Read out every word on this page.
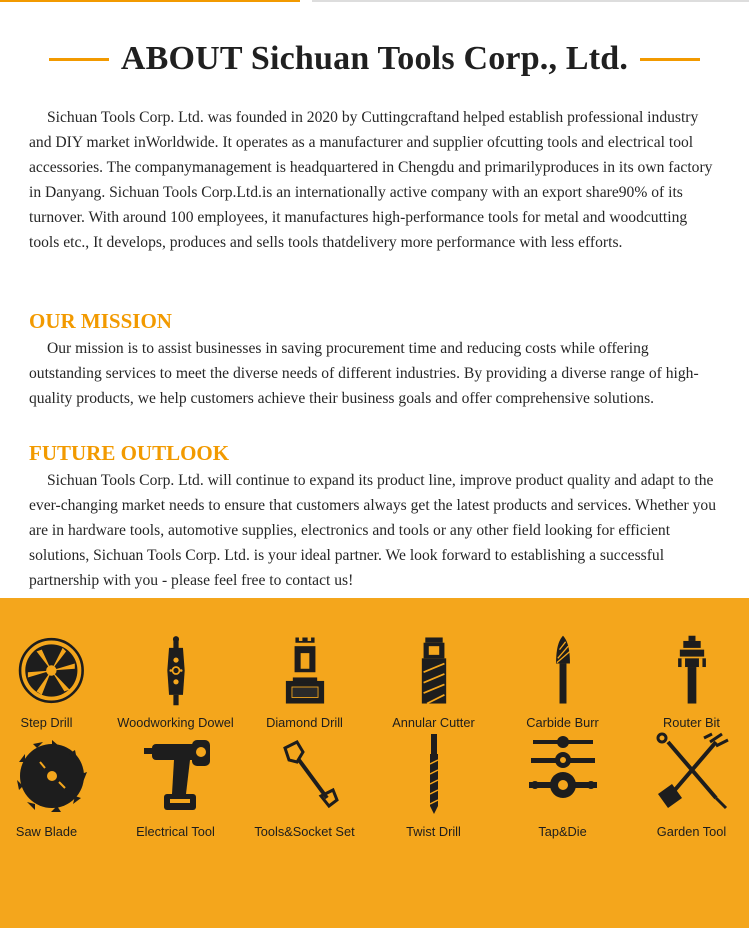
ABOUT Sichuan Tools Corp., Ltd.

Sichuan Tools Corp. Ltd. was founded in 2020 by Cuttingcraftand helped establish professional industry and DIY market inWorldwide. It operates as a manufacturer and supplier ofcutting tools and electrical tool accessories. The companymanagement is headquartered in Chengdu and primarilyproduces in its own factory in Danyang. Sichuan Tools Corp.Ltd.is an internationally active company with an export share90% of its turnover. With around 100 employees, it manufactures high-performance tools for metal and woodcutting tools etc., It develops, produces and sells tools thatdelivery more performance with less efforts.

OUR MISSION

Our mission is to assist businesses in saving procurement time and reducing costs while offering outstanding services to meet the diverse needs of different industries. By providing a diverse range of high-quality products, we help customers achieve their business goals and offer comprehensive solutions.

FUTURE OUTLOOK

Sichuan Tools Corp. Ltd. will continue to expand its product line, improve product quality and adapt to the ever-changing market needs to ensure that customers always get the latest products and services. Whether you are in hardware tools, automotive supplies, electronics and tools or any other field looking for efficient solutions, Sichuan Tools Corp. Ltd. is your ideal partner. We look forward to establishing a successful partnership with you - please feel free to contact us!

Step Drill	Woodworking Dowel	Diamond Drill	Annular Cutter	Carbide Burr	Router Bit
Saw Blade	Electrical Tool	Tools&Socket Set	Twist Drill	Tap&Die	Garden Tool
